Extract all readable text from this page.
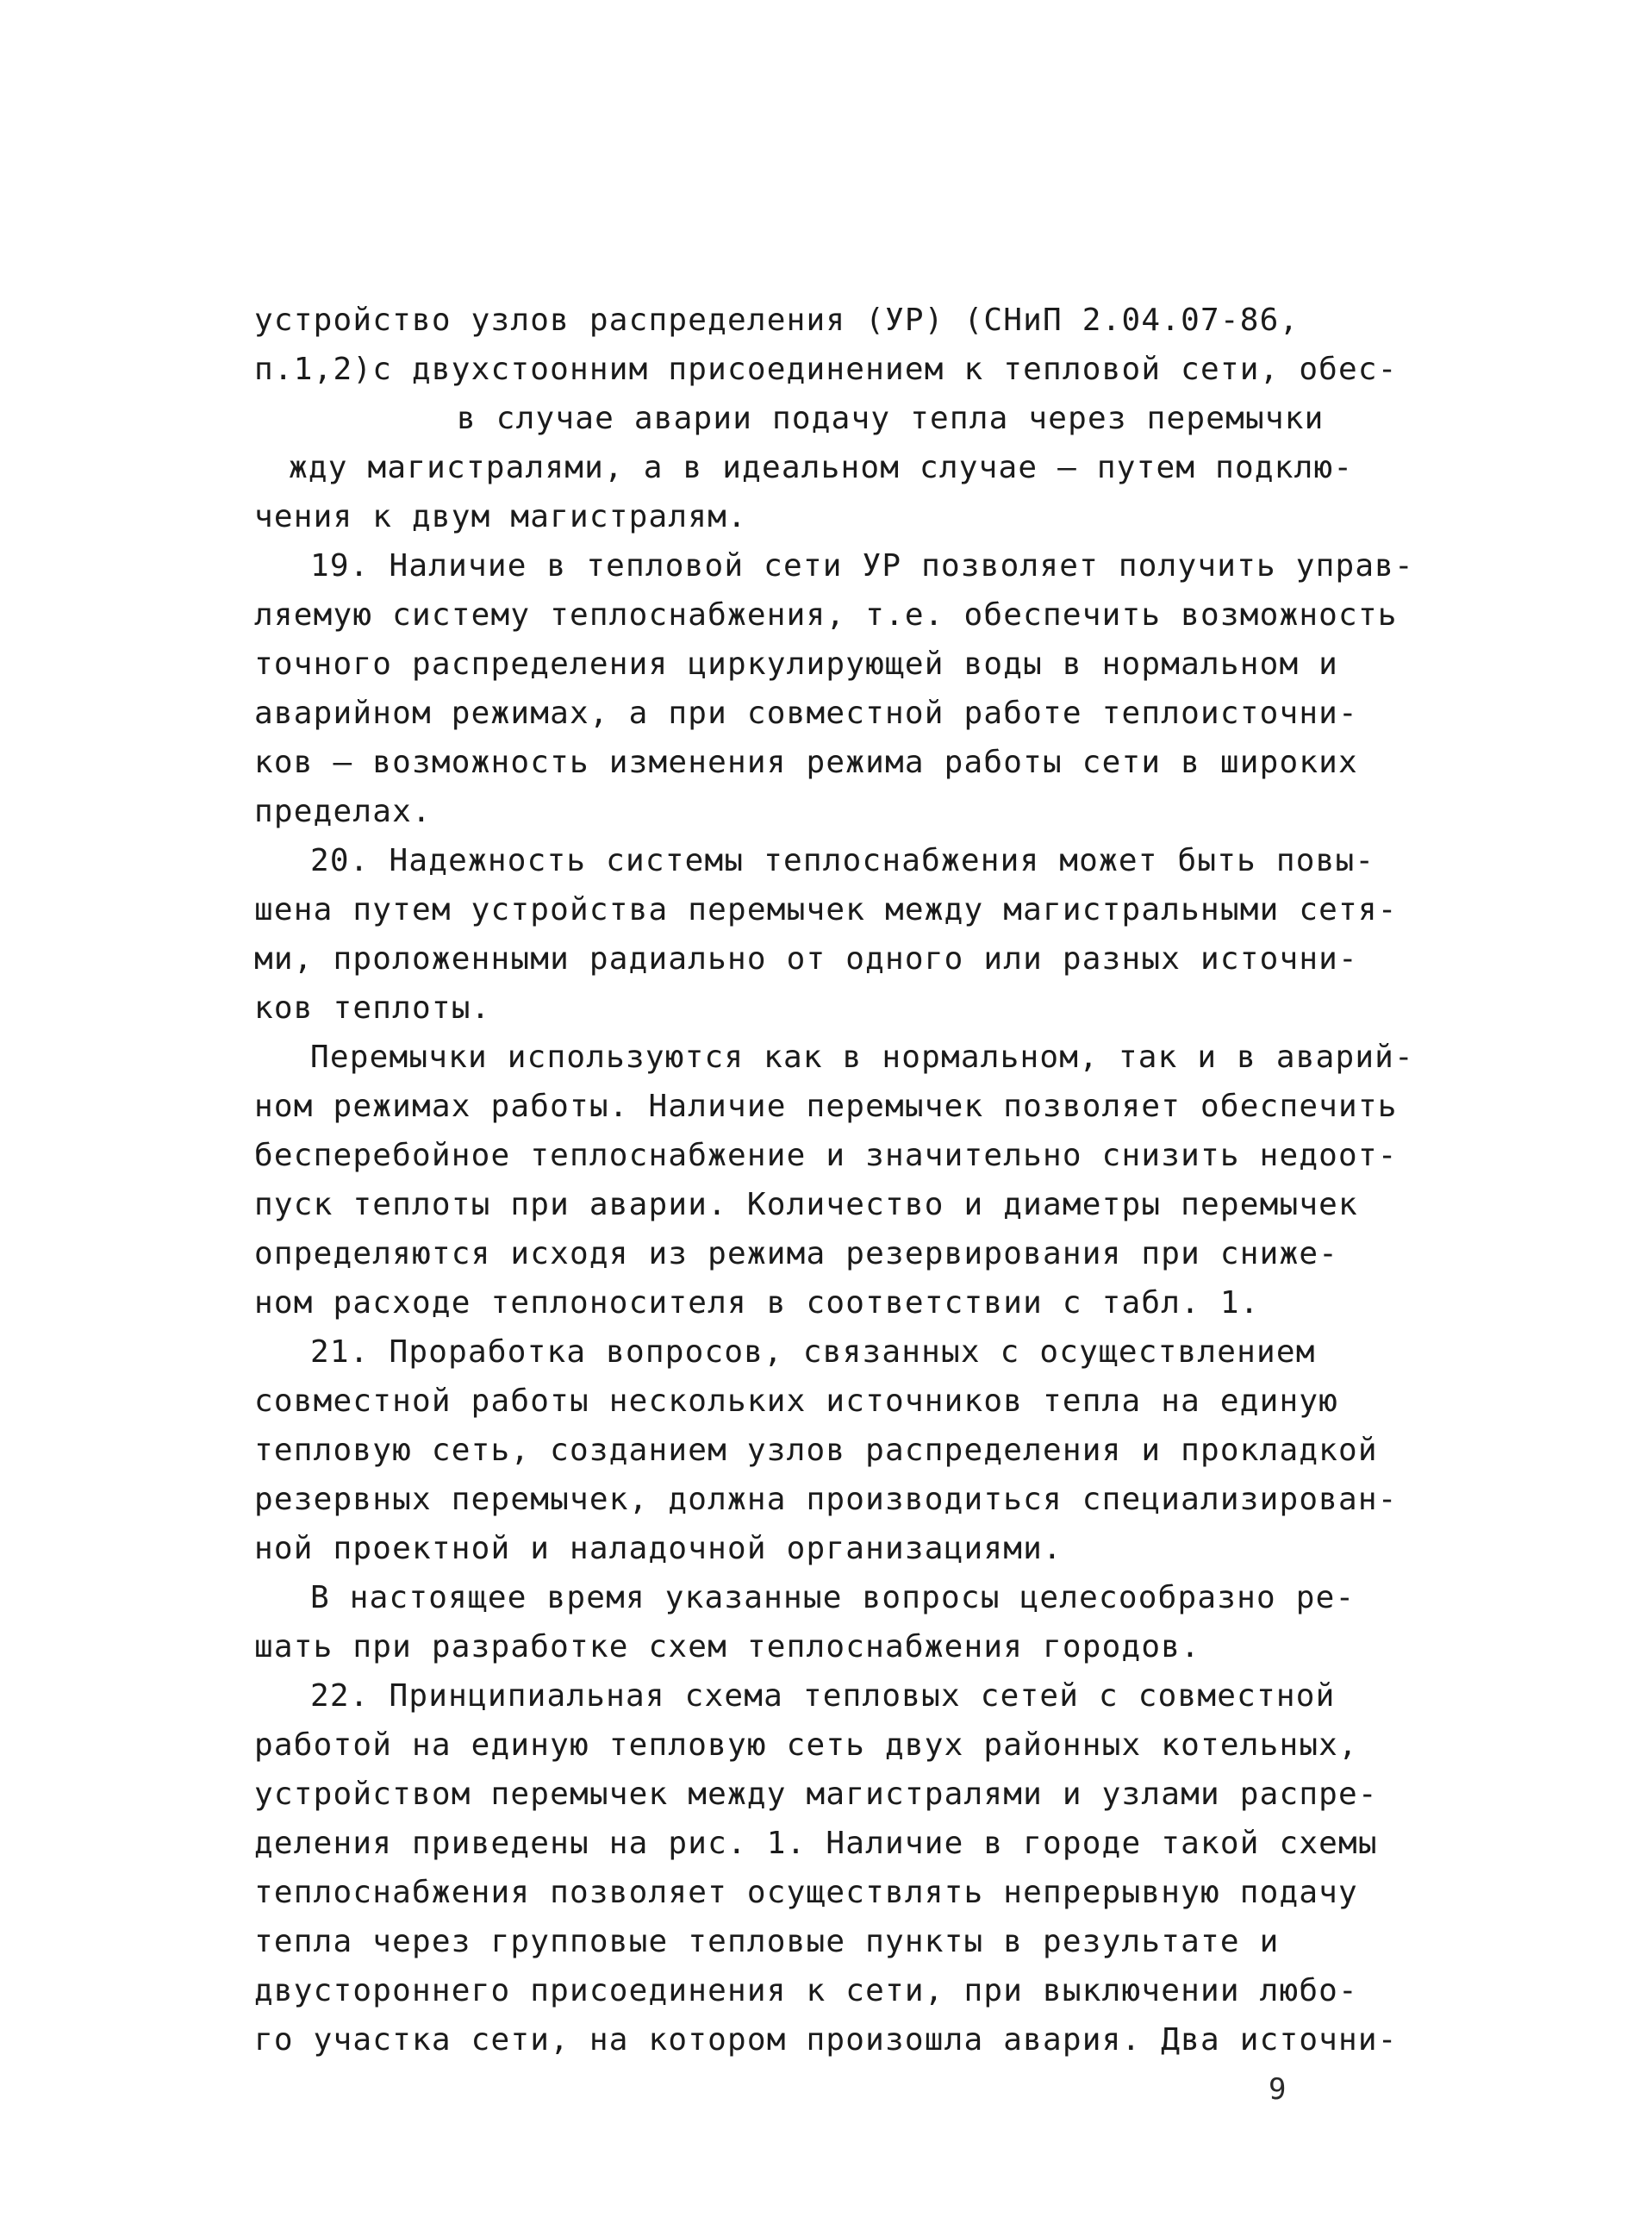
устройство узлов распределения (УР) (СНиП 2.04.07-86,
п.1,2)с двухстоонним присоединением к тепловой сети, обес-
в случае аварии подачу тепла через перемычки
жду магистралями, а в идеальном случае – путем подклю-
чения к двум магистралям.
19. Наличие в тепловой сети УР позволяет получить управ-
ляемую систему теплоснабжения, т.е. обеспечить возможность
точного распределения циркулирующей воды в нормальном и
аварийном режимах, а при совместной работе теплоисточни-
ков – возможность изменения режима работы сети в широких
пределах.
20. Надежность системы теплоснабжения может быть повы-
шена путем устройства перемычек между магистральными сетя-
ми, проложенными радиально от одного или разных источни-
ков теплоты.
Перемычки используются как в нормальном, так и в аварий-
ном режимах работы. Наличие перемычек позволяет обеспечить
бесперебойное теплоснабжение и значительно снизить недоот-
пуск теплоты при аварии. Количество и диаметры перемычек
определяются исходя из режима резервирования при сниже-
ном расходе теплоносителя в соответствии с табл. 1.
21. Проработка вопросов, связанных с осуществлением
совместной работы нескольких источников тепла на единую
тепловую сеть, созданием узлов распределения и прокладкой
резервных перемычек, должна производиться специализирован-
ной проектной и наладочной организациями.
В настоящее время указанные вопросы целесообразно ре-
шать при разработке схем теплоснабжения городов.
22. Принципиальная схема тепловых сетей с совместной
работой на единую тепловую сеть двух районных котельных,
устройством перемычек между магистралями и узлами распре-
деления приведены на рис. 1. Наличие в городе такой схемы
теплоснабжения позволяет осуществлять непрерывную подачу
тепла через групповые тепловые пункты в результате и
двустороннего присоединения к сети, при выключении любо-
го участка сети, на котором произошла авария. Два источни-
9
